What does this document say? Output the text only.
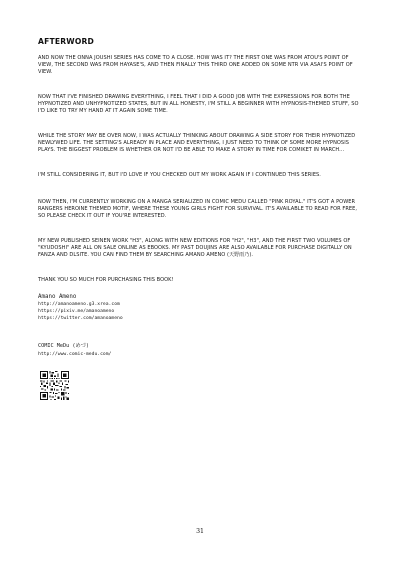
AFTERWORD

AND NOW THE ONNA JOUSHI SERIES HAS COME TO A CLOSE. HOW WAS IT? THE FIRST ONE WAS FROM ATOU'S POINT OF VIEW, THE SECOND WAS FROM HAYASE'S, AND THEN FINALLY THIS THIRD ONE ADDED ON SOME NTR VIA ASAI'S POINT OF VIEW.

NOW THAT I'VE FINISHED DRAWING EVERYTHING, I FEEL THAT I DID A GOOD JOB WITH THE EXPRESSIONS FOR BOTH THE HYPNOTIZED AND UNHYPNOTIZED STATES, BUT IN ALL HONESTY, I'M STILL A BEGINNER WITH HYPNOSIS-THEMED STUFF, SO I'D LIKE TO TRY MY HAND AT IT AGAIN SOME TIME.

WHILE THE STORY MAY BE OVER NOW, I WAS ACTUALLY THINKING ABOUT DRAWING A SIDE STORY FOR THEIR HYPNOTIZED NEWLYWED LIFE. THE SETTING'S ALREADY IN PLACE AND EVERYTHING, I JUST NEED TO THINK OF SOME MORE HYPNOSIS PLAYS. THE BIGGEST PROBLEM IS WHETHER OR NOT I'D BE ABLE TO MAKE A STORY IN TIME FOR COMIKET IN MARCH...

I'M STILL CONSIDERING IT, BUT I'D LOVE IF YOU CHECKED OUT MY WORK AGAIN IF I CONTINUED THIS SERIES.

NOW THEN, I'M CURRENTLY WORKING ON A MANGA SERIALIZED IN COMIC MEDU CALLED "PINK ROYAL." IT'S GOT A POWER RANGERS HEROINE THEMED MOTIF, WHERE THESE YOUNG GIRLS FIGHT FOR SURVIVAL. IT'S AVAILABLE TO READ FOR FREE, SO PLEASE CHECK IT OUT IF YOU'RE INTERESTED.

MY NEW PUBLISHED SEINEN WORK "H3", ALONG WITH NEW EDITIONS FOR "H2", "H3", AND THE FIRST TWO VOLUMES OF "KYUDOSHI" ARE ALL ON SALE ONLINE AS EBOOKS. MY PAST DOUJINS ARE ALSO AVAILABLE FOR PURCHASE DIGITALLY ON FANZA AND DLSITE. YOU CAN FIND THEM BY SEARCHING AMANO AMENO (天野雨乃).

THANK YOU SO MUCH FOR PURCHASING THIS BOOK!

Amano Ameno
http://amanoameno.g3.xrea.com
https://pixiv.me/amanoameno
https://twitter.com/amanoameno
COMIC MeDu (めづ)
http://www.comic-medu.com/
31
